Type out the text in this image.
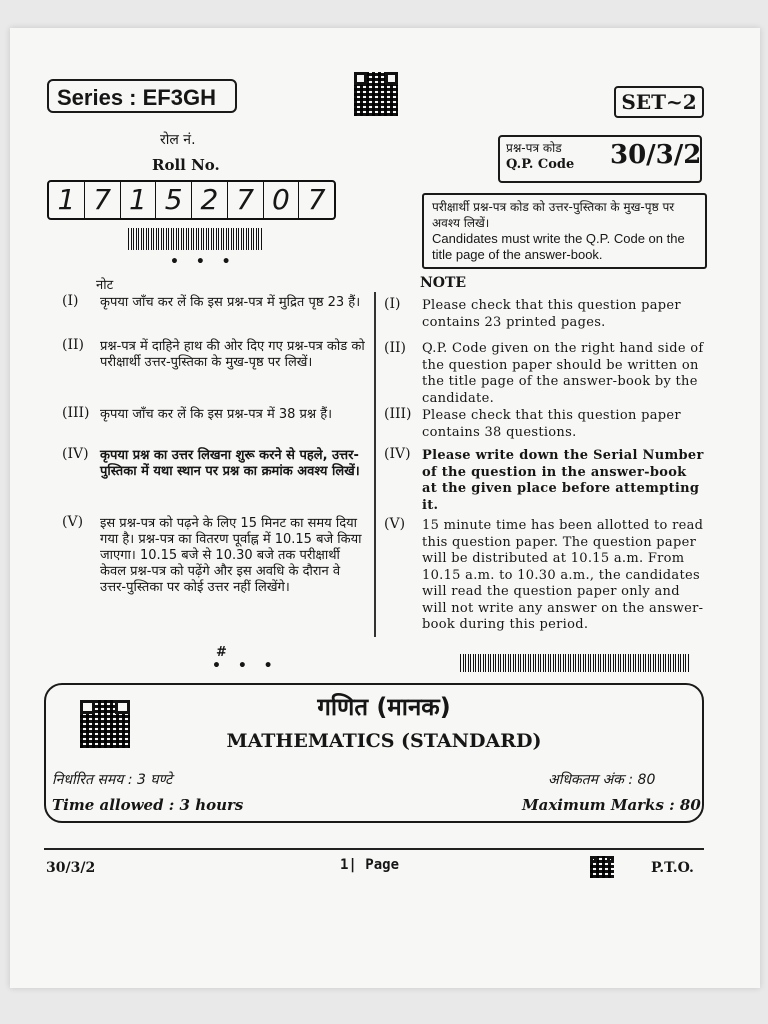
Series : EF3GH	SET~2
रोल नं.
Roll No.
1 7 1 5 2 7 0 7
• • •
प्रश्न-पत्र कोड
Q.P. Code 30/3/2
परीक्षार्थी प्रश्न-पत्र कोड को उत्तर-पुस्तिका के मुख-पृष्ठ पर अवश्य लिखें।
Candidates must write the Q.P. Code on the title page of the answer-book.
नोट	NOTE
(I) कृपया जाँच कर लें कि इस प्रश्न-पत्र में मुद्रित पृष्ठ 23 हैं।	(I) Please check that this question paper contains 23 printed pages.
(II) प्रश्न-पत्र में दाहिने हाथ की ओर दिए गए प्रश्न-पत्र कोड को परीक्षार्थी उत्तर-पुस्तिका के मुख-पृष्ठ पर लिखें।
(II) Q.P. Code given on the right hand side of the question paper should be written on the title page of the answer-book by the candidate.
(III) कृपया जाँच कर लें कि इस प्रश्न-पत्र में 38 प्रश्न हैं।	(III) Please check that this question paper contains 38 questions.
(IV) कृपया प्रश्न का उत्तर लिखना शुरू करने से पहले, उत्तर-पुस्तिका में यथा स्थान पर प्रश्न का क्रमांक अवश्य लिखें।
(IV) Please write down the Serial Number of the question in the answer-book at the given place before attempting it.
(V) इस प्रश्न-पत्र को पढ़ने के लिए 15 मिनट का समय दिया गया है। प्रश्न-पत्र का वितरण पूर्वाह्न में 10.15 बजे किया जाएगा। 10.15 बजे से 10.30 बजे तक परीक्षार्थी केवल प्रश्न-पत्र को पढ़ेंगे और इस अवधि के दौरान वे उत्तर-पुस्तिका पर कोई उत्तर नहीं लिखेंगे।
(V) 15 minute time has been allotted to read this question paper. The question paper will be distributed at 10.15 a.m. From 10.15 a.m. to 10.30 a.m., the candidates will read the question paper only and will not write any answer on the answer-book during this period.
#
• • •
गणित (मानक)
MATHEMATICS (STANDARD)
निर्धारित समय : 3 घण्टे
Time allowed : 3 hours
अधिकतम अंक : 80
Maximum Marks : 80
30/3/2	1| Page	P.T.O.
